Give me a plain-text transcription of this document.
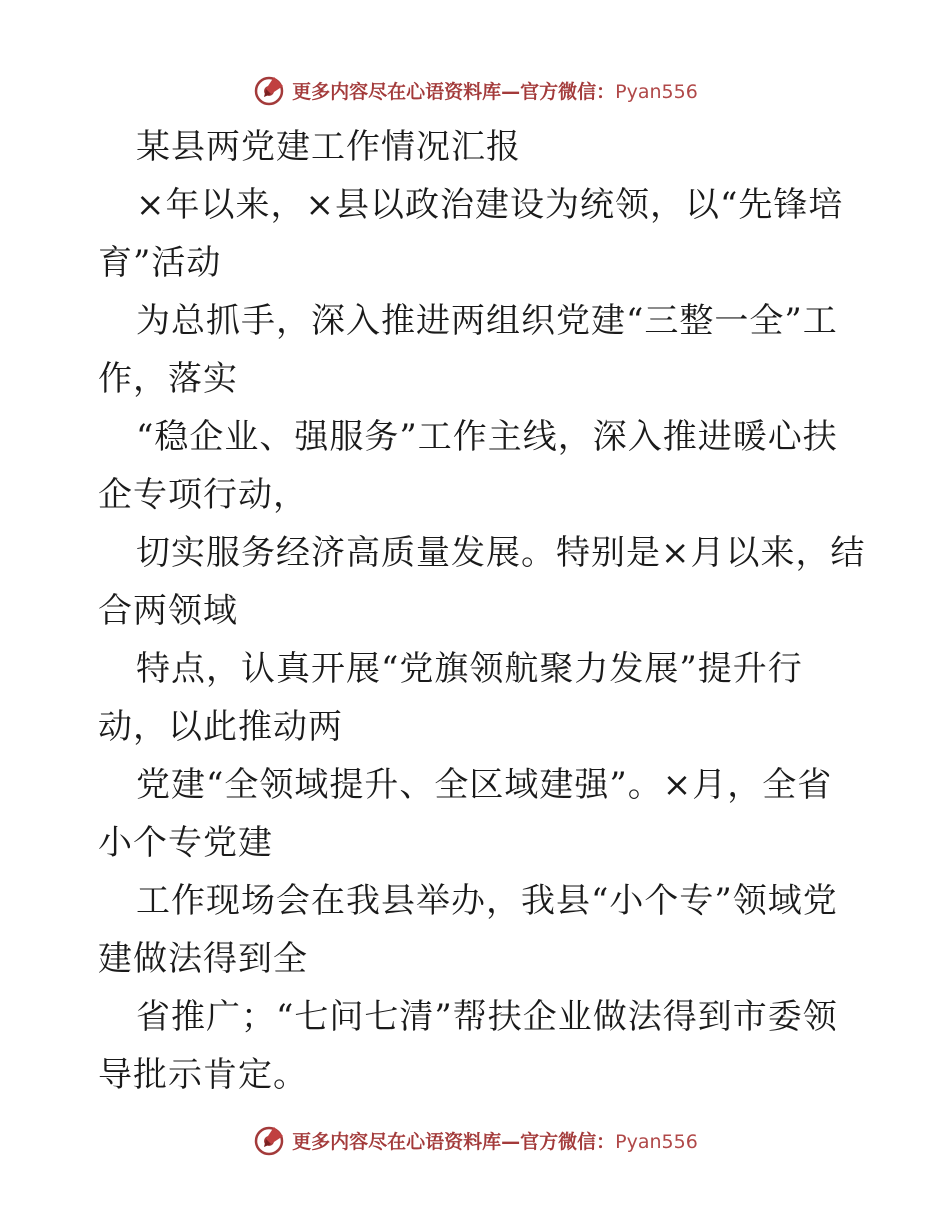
更多内容尽在心语资料库—官方微信：Pyan556
某县两党建工作情况汇报
×年以来，×县以政治建设为统领，以“先锋培
育”活动
为总抓手，深入推进两组织党建“三整一全”工
作，落实
“稳企业、强服务”工作主线，深入推进暖心扶
企专项行动，
切实服务经济高质量发展。特别是×月以来，结
合两领域
特点，认真开展“党旗领航聚力发展”提升行
动，以此推动两
党建“全领域提升、全区域建强”。×月，全省
小个专党建
工作现场会在我县举办，我县“小个专”领域党
建做法得到全
省推广；“七问七清”帮扶企业做法得到市委领
导批示肯定。
更多内容尽在心语资料库—官方微信：Pyan556
